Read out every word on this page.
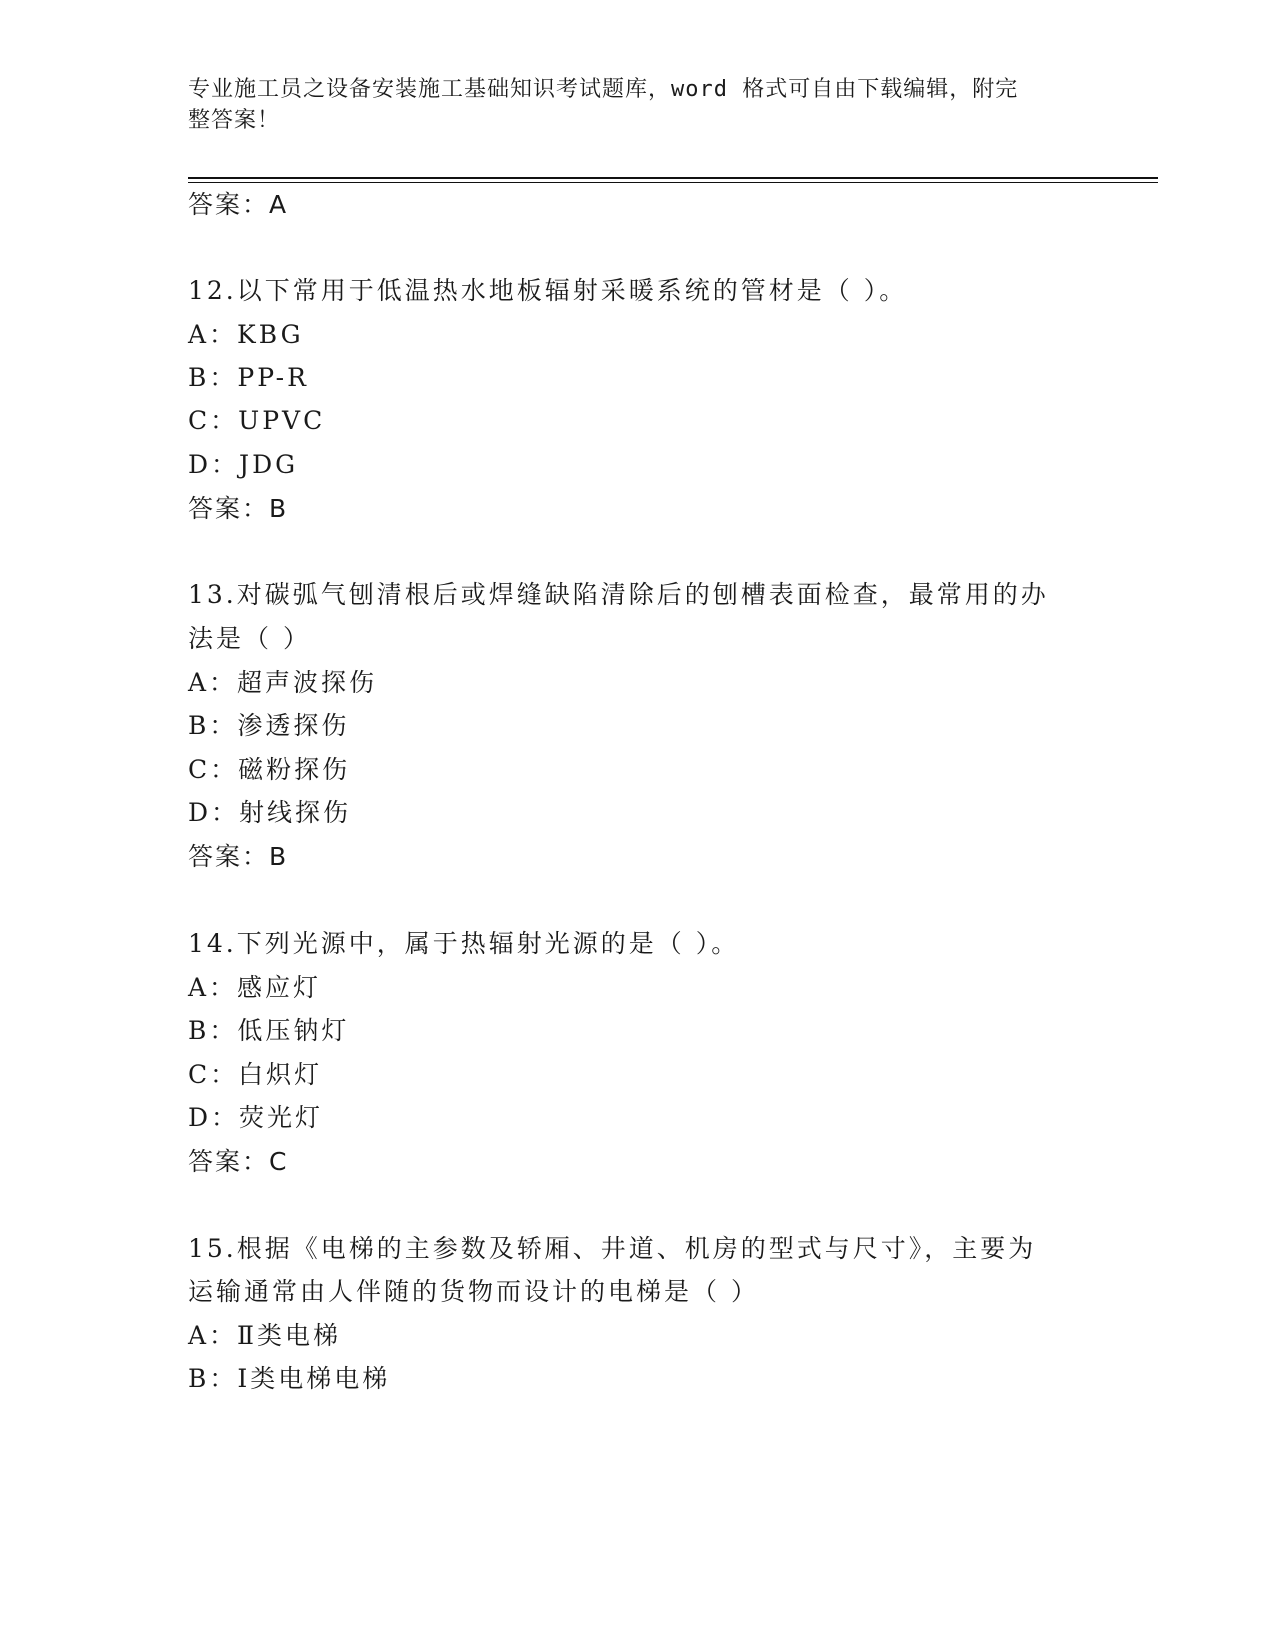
专业施工员之设备安装施工基础知识考试题库，word 格式可自由下载编辑，附完
整答案！
答案：A
12.以下常用于低温热水地板辐射采暖系统的管材是（ ）。
A：KBG
B：PP-R
C：UPVC
D：JDG
答案：B
13.对碳弧气刨清根后或焊缝缺陷清除后的刨槽表面检查，最常用的办
法是（ ）
A：超声波探伤
B：渗透探伤
C：磁粉探伤
D：射线探伤
答案：B
14.下列光源中，属于热辐射光源的是（ ）。
A：感应灯
B：低压钠灯
C：白炽灯
D：荧光灯
答案：C
15.根据《电梯的主参数及轿厢、井道、机房的型式与尺寸》，主要为
运输通常由人伴随的货物而设计的电梯是（ ）
A：Ⅱ类电梯
B：Ⅰ类电梯电梯
